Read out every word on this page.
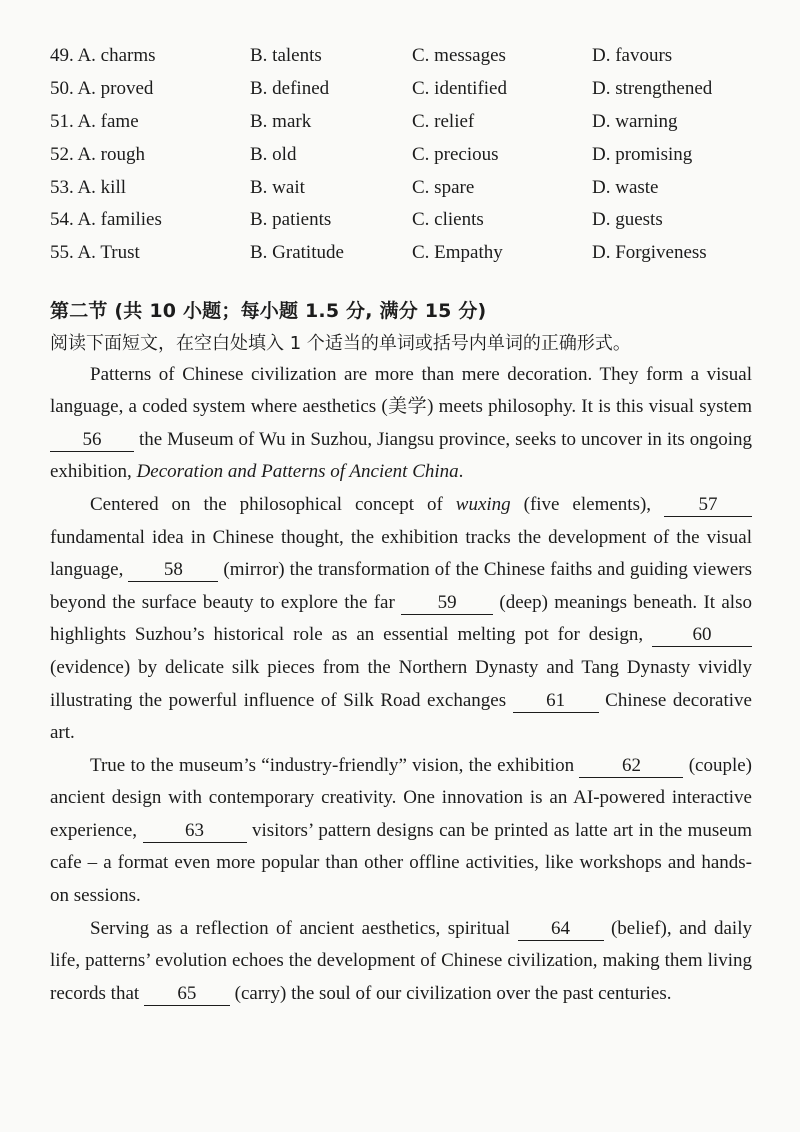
49. A. charms	B. talents	C. messages	D. favours
50. A. proved	B. defined	C. identified	D. strengthened
51. A. fame	B. mark	C. relief	D. warning
52. A. rough	B. old	C. precious	D. promising
53. A. kill	B. wait	C. spare	D. waste
54. A. families	B. patients	C. clients	D. guests
55. A. Trust	B. Gratitude	C. Empathy	D. Forgiveness
第二节 (共 10 小题；每小题 1.5 分, 满分 15 分)
阅读下面短文，在空白处填入 1 个适当的单词或括号内单词的正确形式。

Patterns of Chinese civilization are more than mere decoration. They form a visual language, a coded system where aesthetics (美学) meets philosophy. It is this visual system 56 the Museum of Wu in Suzhou, Jiangsu province, seeks to uncover in its ongoing exhibition, Decoration and Patterns of Ancient China.

Centered on the philosophical concept of wuxing (five elements), 57 fundamental idea in Chinese thought, the exhibition tracks the development of the visual language, 58 (mirror) the transformation of the Chinese faiths and guiding viewers beyond the surface beauty to explore the far 59 (deep) meanings beneath. It also highlights Suzhou’s historical role as an essential melting pot for design, 60 (evidence) by delicate silk pieces from the Northern Dynasty and Tang Dynasty vividly illustrating the powerful influence of Silk Road exchanges 61 Chinese decorative art.

True to the museum’s “industry-friendly” vision, the exhibition 62 (couple) ancient design with contemporary creativity. One innovation is an AI-powered interactive experience, 63 visitors’ pattern designs can be printed as latte art in the museum cafe – a format even more popular than other offline activities, like workshops and hands-on sessions.

Serving as a reflection of ancient aesthetics, spiritual 64 (belief), and daily life, patterns’ evolution echoes the development of Chinese civilization, making them living records that 65 (carry) the soul of our civilization over the past centuries.
